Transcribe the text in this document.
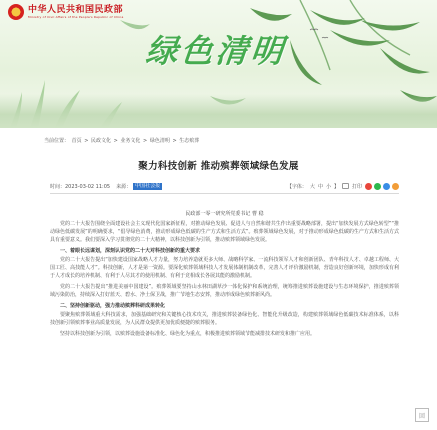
中华人民共和国民政部
Ministry of Civil Affairs of the People's Republic of China
绿色清明
当前位置： 首页 > 民政文化 > 业务文化 > 绿色清明 > 生态殡葬
聚力科技创新 推动殡葬领域绿色发展
时间：2023-03-02 11:05 来源： 中国社会报	【字体： 大 中 小 】	打印
民政部一零一研究所党委书记 曹 稳

党的二十大报告围绕全面建设社会主义现代化国家新征程，对推动绿色发展、促进人与自然和谐共生作出重要战略部署，提出“加快发展方式绿色转型”“推动绿色低碳发展”的明确要求，“倡导绿色消费，推动形成绿色低碳的生产方式和生活方式”。殡葬领域绿色发展，对于推动形成绿色低碳的生产方式和生活方式具有重要意义。我们要深入学习贯彻党的二十大精神，以科技创新为引领，推动殡葬领域绿色发展。

一、着眼长远谋划，深刻认识党的二十大对科技创新的重大要求

党的二十大报告提出“加快建设国家战略人才力量，努力培养造就更多大师、战略科学家、一流科技领军人才和创新团队、青年科技人才、卓越工程师、大国工匠、高技能人才”。科技创新，人才是第一资源。要深化殡葬领域科技人才发展体制机制改革，完善人才评价激励机制，营造良好创新环境，加快形成有利于人才成长的培养机制、有利于人尽其才的使用机制、有利于竞相成长各展其能的激励机制。

党的二十大报告提出“推进美丽中国建设”。殡葬领域要坚持山水林田湖草沙一体化保护和系统治理，统筹推进殡葬设施建设与生态环境保护，推进殡葬领域污染防治，持续深入打好蓝天、碧水、净土保卫战，推广节地生态安葬，推动形成绿色殡葬新风尚。

二、坚持创新驱动，强力推动殡葬科研成果转化

要聚焦殡葬领域重大科技需求，加强基础研究和关键核心技术攻关，推进殡葬装备绿色化、智能化升级改造，构建殡葬领域绿色低碳技术标准体系，以科技创新引领殡葬事业高质量发展，为人民群众提供更加优质便捷的殡葬服务。

坚持以科技创新为引领，以殡葬设施设备标准化、绿色化为重点，积极推进殡葬领域节能减排技术研发和推广应用。

回
